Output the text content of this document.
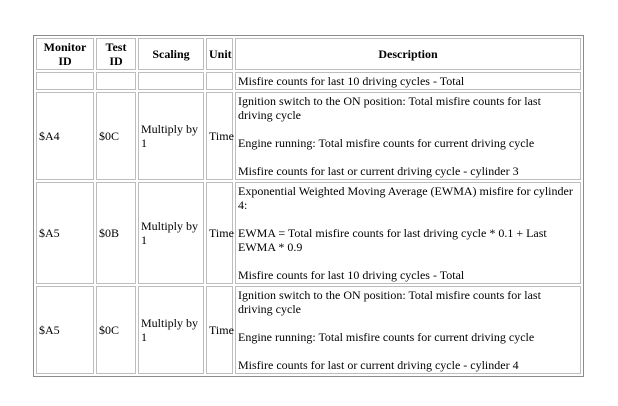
Monitor ID	Test ID	Scaling	Unit	Description

				Misfire counts for last 10 driving cycles - Total

$A4	$0C	Multiply by 1	Time	Ignition switch to the ON position: Total misfire counts for last driving cycle
Engine running: Total misfire counts for current driving cycle
Misfire counts for last or current driving cycle - cylinder 3

$A5	$0B	Multiply by 1	Time	Exponential Weighted Moving Average (EWMA) misfire for cylinder 4:
EWMA = Total misfire counts for last driving cycle * 0.1 + Last EWMA * 0.9
Misfire counts for last 10 driving cycles - Total

$A5	$0C	Multiply by 1	Time	Ignition switch to the ON position: Total misfire counts for last driving cycle
Engine running: Total misfire counts for current driving cycle
Misfire counts for last or current driving cycle - cylinder 4
